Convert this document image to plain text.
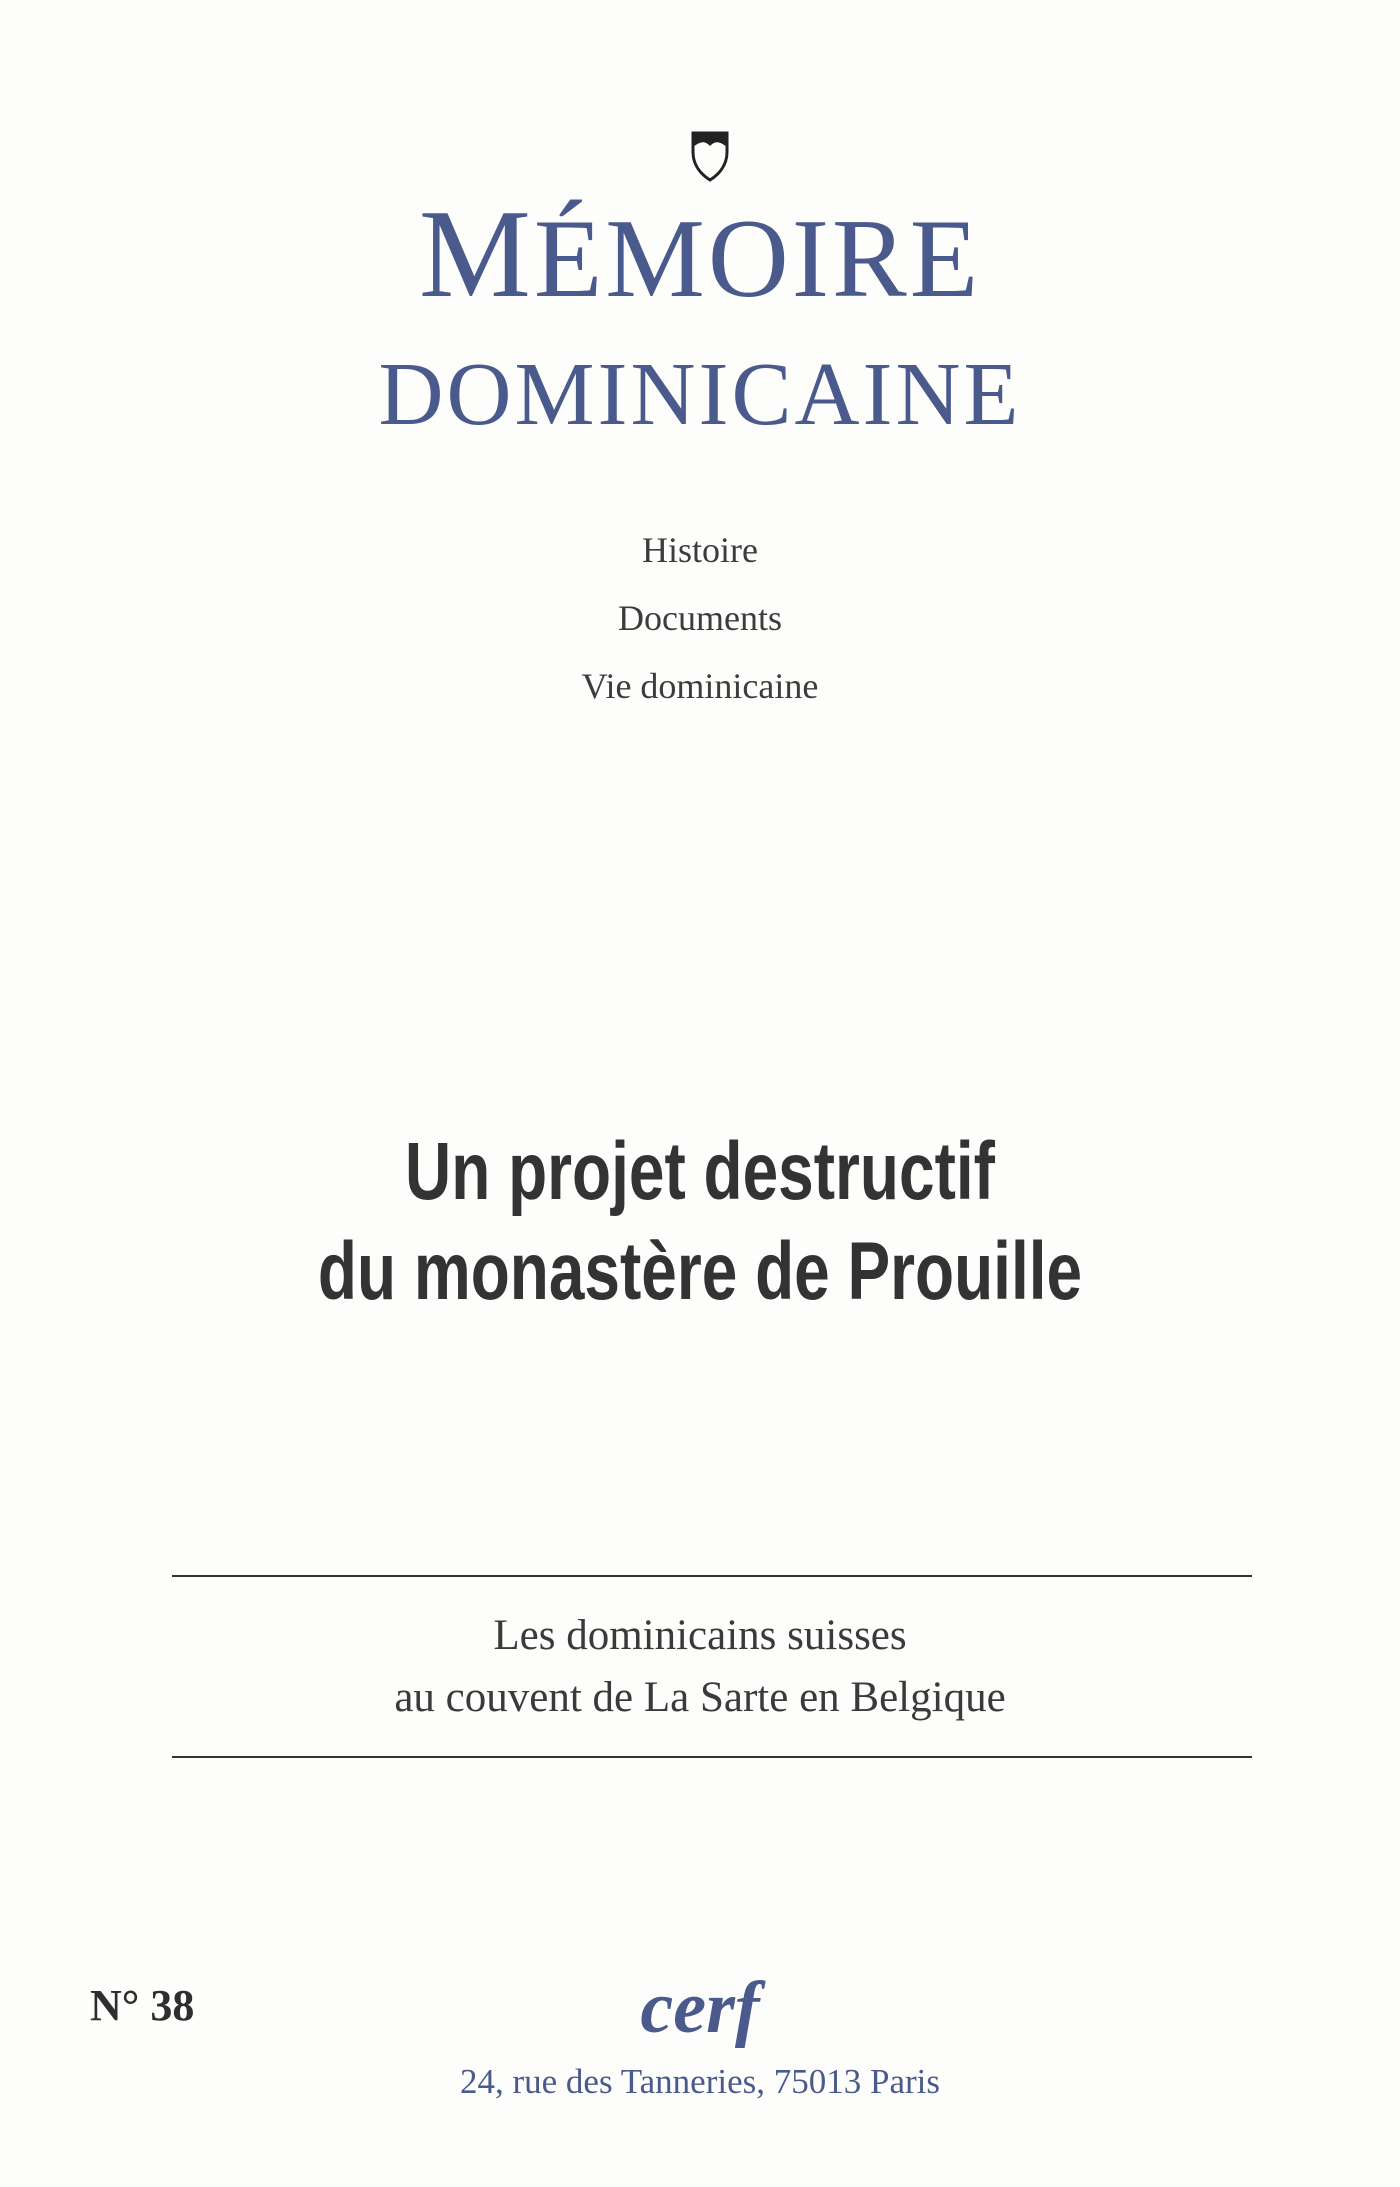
MÉMOIRE
DOMINICAINE
Histoire
Documents
Vie dominicaine
Un projet destructif
du monastère de Prouille
Les dominicains suisses
au couvent de La Sarte en Belgique
N° 38	cerf
24, rue des Tanneries, 75013 Paris
